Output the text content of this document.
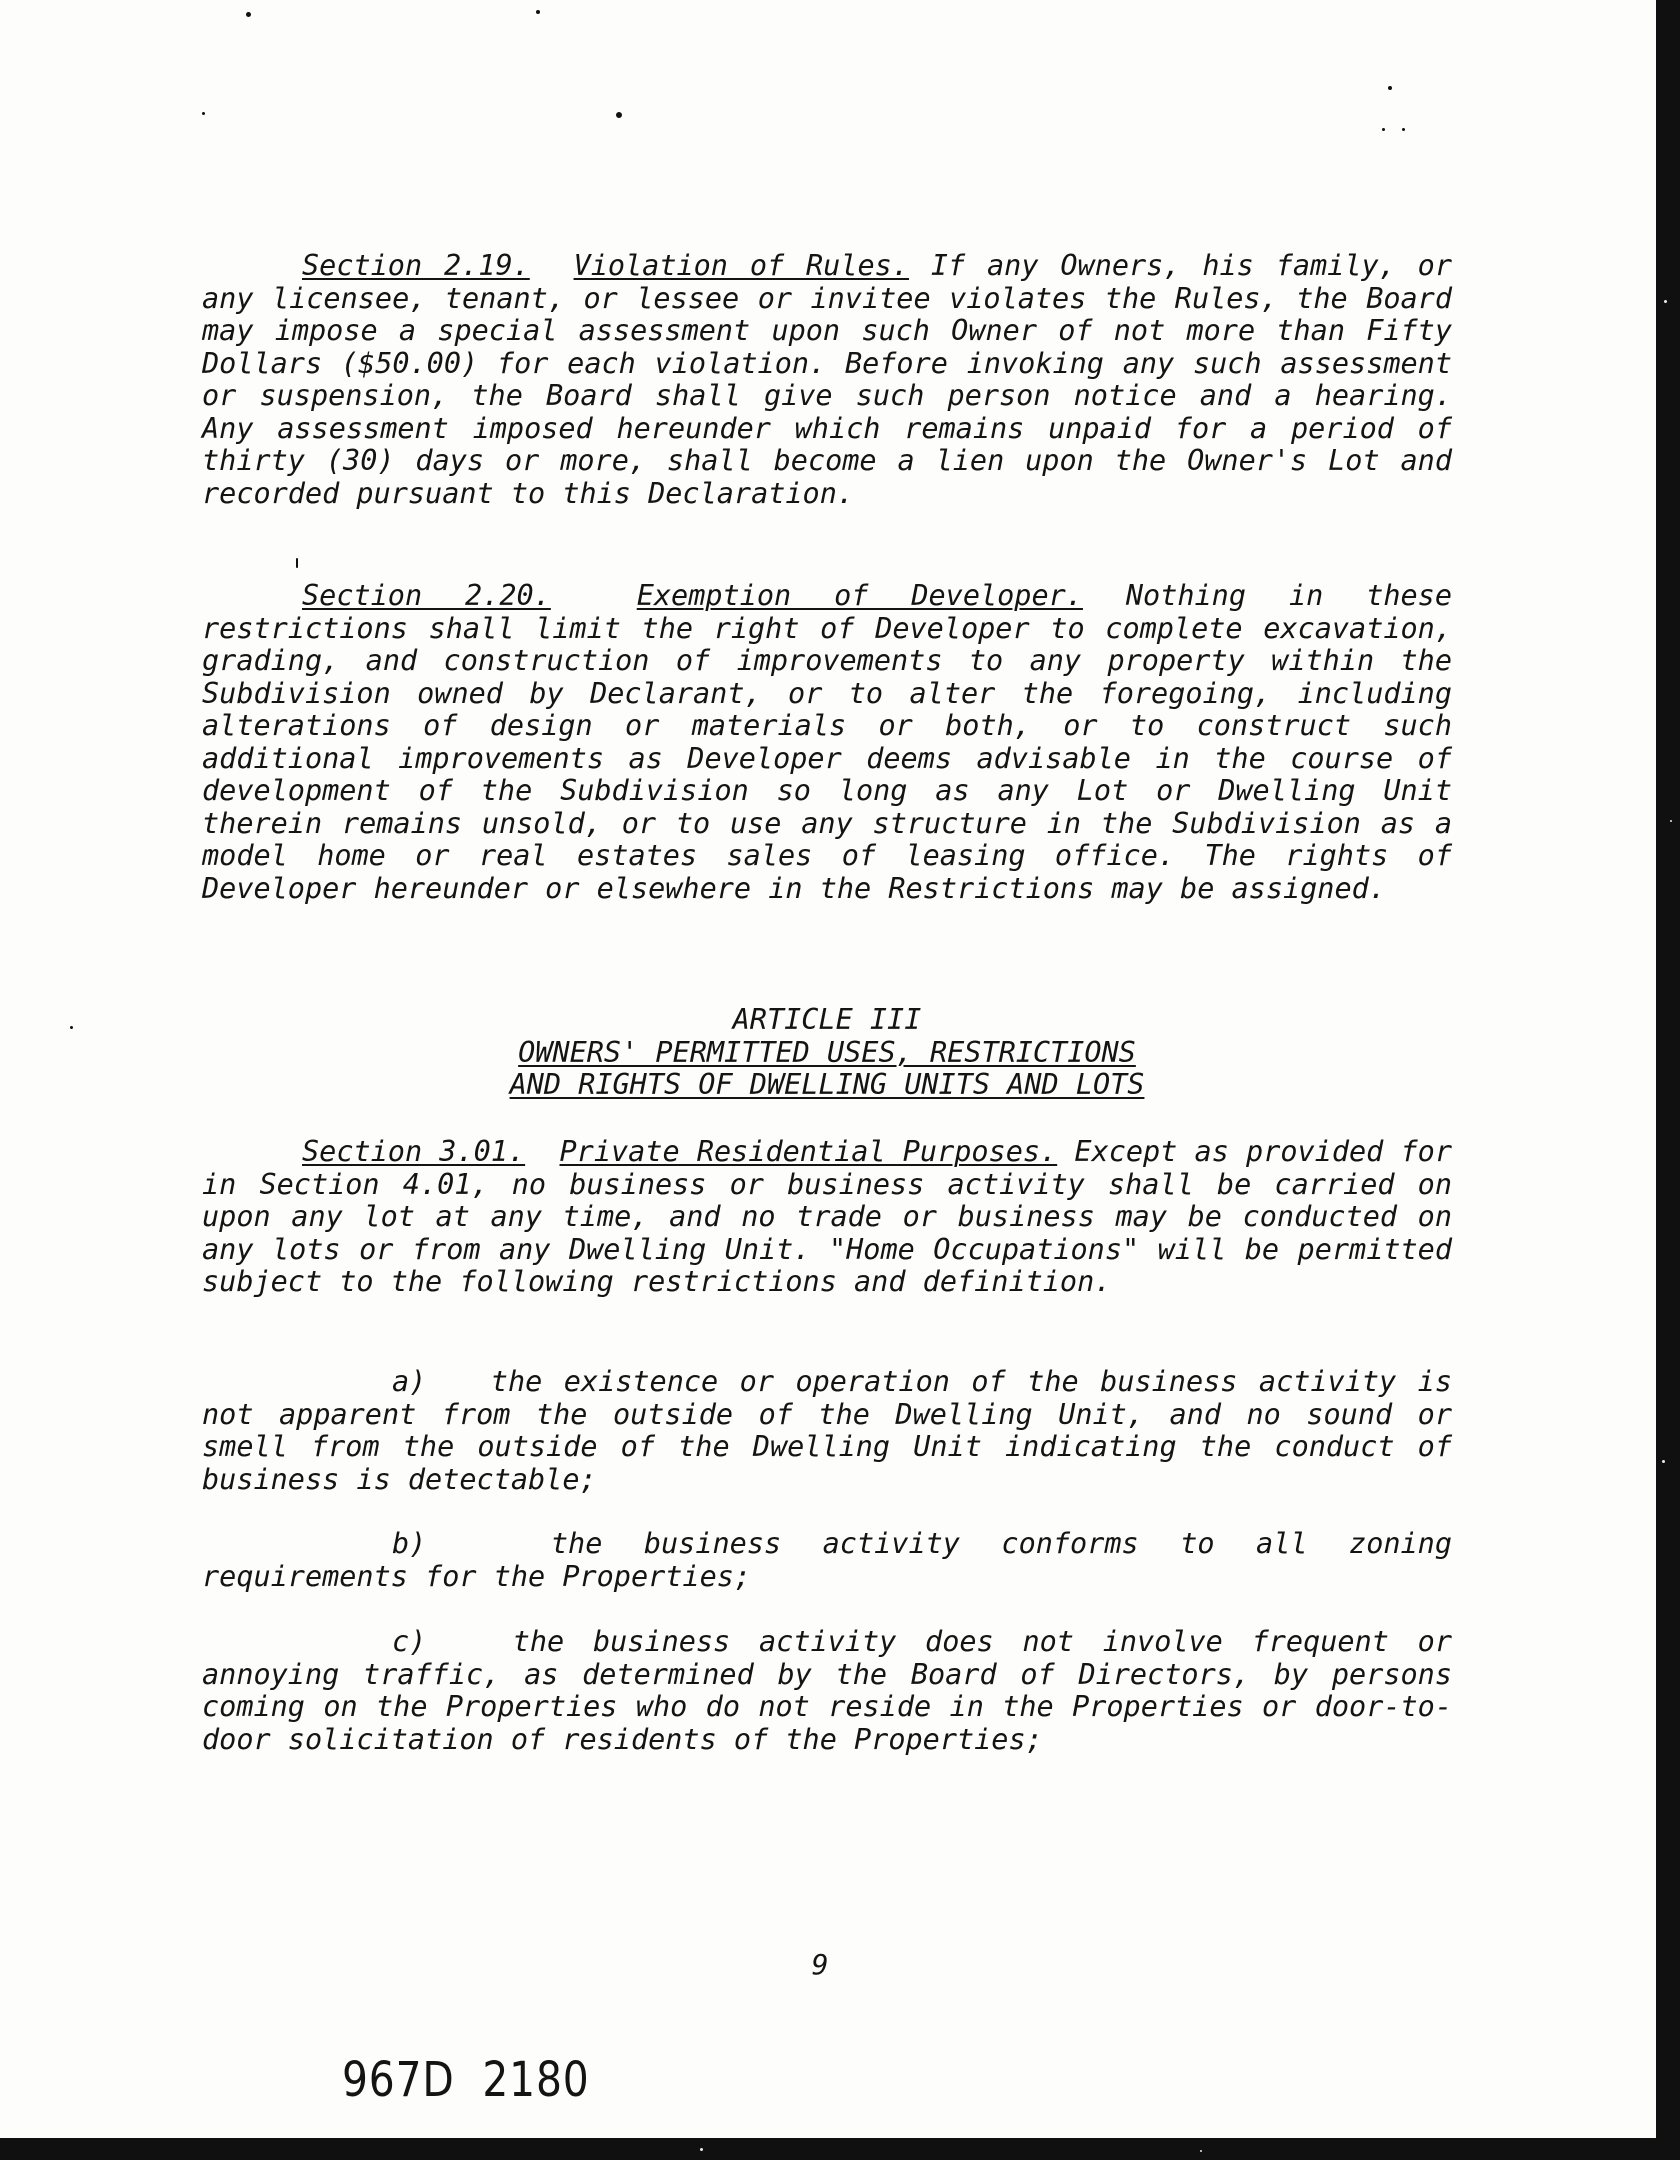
Section 2.19. Violation of Rules. If any Owners, his family, or any licensee, tenant, or lessee or invitee violates the Rules, the Board may impose a special assessment upon such Owner of not more than Fifty Dollars ($50.00) for each violation. Before invoking any such assessment or suspension, the Board shall give such person notice and a hearing. Any assessment imposed hereunder which remains unpaid for a period of thirty (30) days or more, shall become a lien upon the Owner's Lot and recorded pursuant to this Declaration.

Section 2.20.	Exemption of Developer. Nothing in these restrictions shall limit the right of Developer to complete excavation, grading, and construction of improvements to any property within the Subdivision owned by Declarant, or to alter the foregoing, including alterations of design or materials or both, or to construct such additional improvements as Developer deems advisable in the course of development of the Subdivision so long as any Lot or Dwelling Unit therein remains unsold, or to use any structure in the Subdivision as a model home or real estates sales of leasing office. The rights of Developer hereunder or elsewhere in the Restrictions may be assigned.

ARTICLE III
OWNERS' PERMITTED USES, RESTRICTIONS
AND RIGHTS OF DWELLING UNITS AND LOTS

Section 3.01. Private Residential Purposes. Except as provided for in Section 4.01, no business or business activity shall be carried on upon any lot at any time, and no trade or business may be conducted on any lots or from any Dwelling Unit. "Home Occupations" will be permitted subject to the following restrictions and definition.

a) the existence or operation of the business activity is not apparent from the outside of the Dwelling Unit, and no sound or smell from the outside of the Dwelling Unit indicating the conduct of business is detectable;

b)	the business activity conforms to all zoning requirements for the Properties;

c)	the business activity does not involve frequent or annoying traffic, as determined by the Board of Directors, by persons coming on the Properties who do not reside in the Properties or door-to-door solicitation of residents of the Properties;

9
967D  2180
